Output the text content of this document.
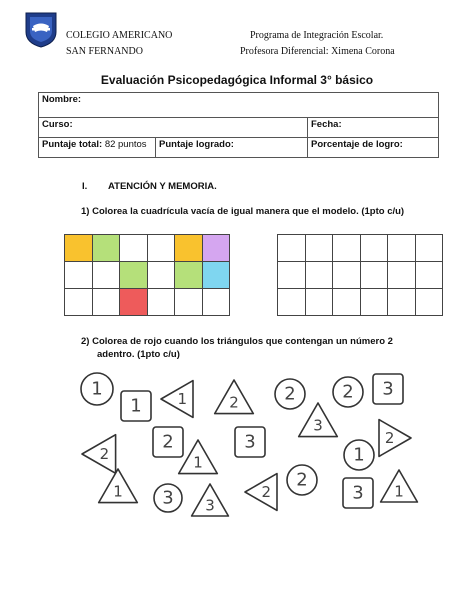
COLEGIO AMERICANO
SAN FERNANDO
Programa de Integración Escolar.
Profesora Diferencial: Ximena Corona
Evaluación Psicopedagógica Informal 3° básico
Nombre:		
Curso:		Fecha:
Puntaje total: 82 puntos	Puntaje logrado:	Porcentaje de logro:
I. ATENCIÓN Y MEMORIA.
1) Colorea la cuadrícula vacía de igual manera que el modelo. (1pto c/u)
2) Colorea de rojo cuando los triángulos que contengan un número 2
adentro. (1pto c/u)
1
1 1	2	2	2 3
3
2
2
1
3
1
2
1 3 3
2
2
3 1
